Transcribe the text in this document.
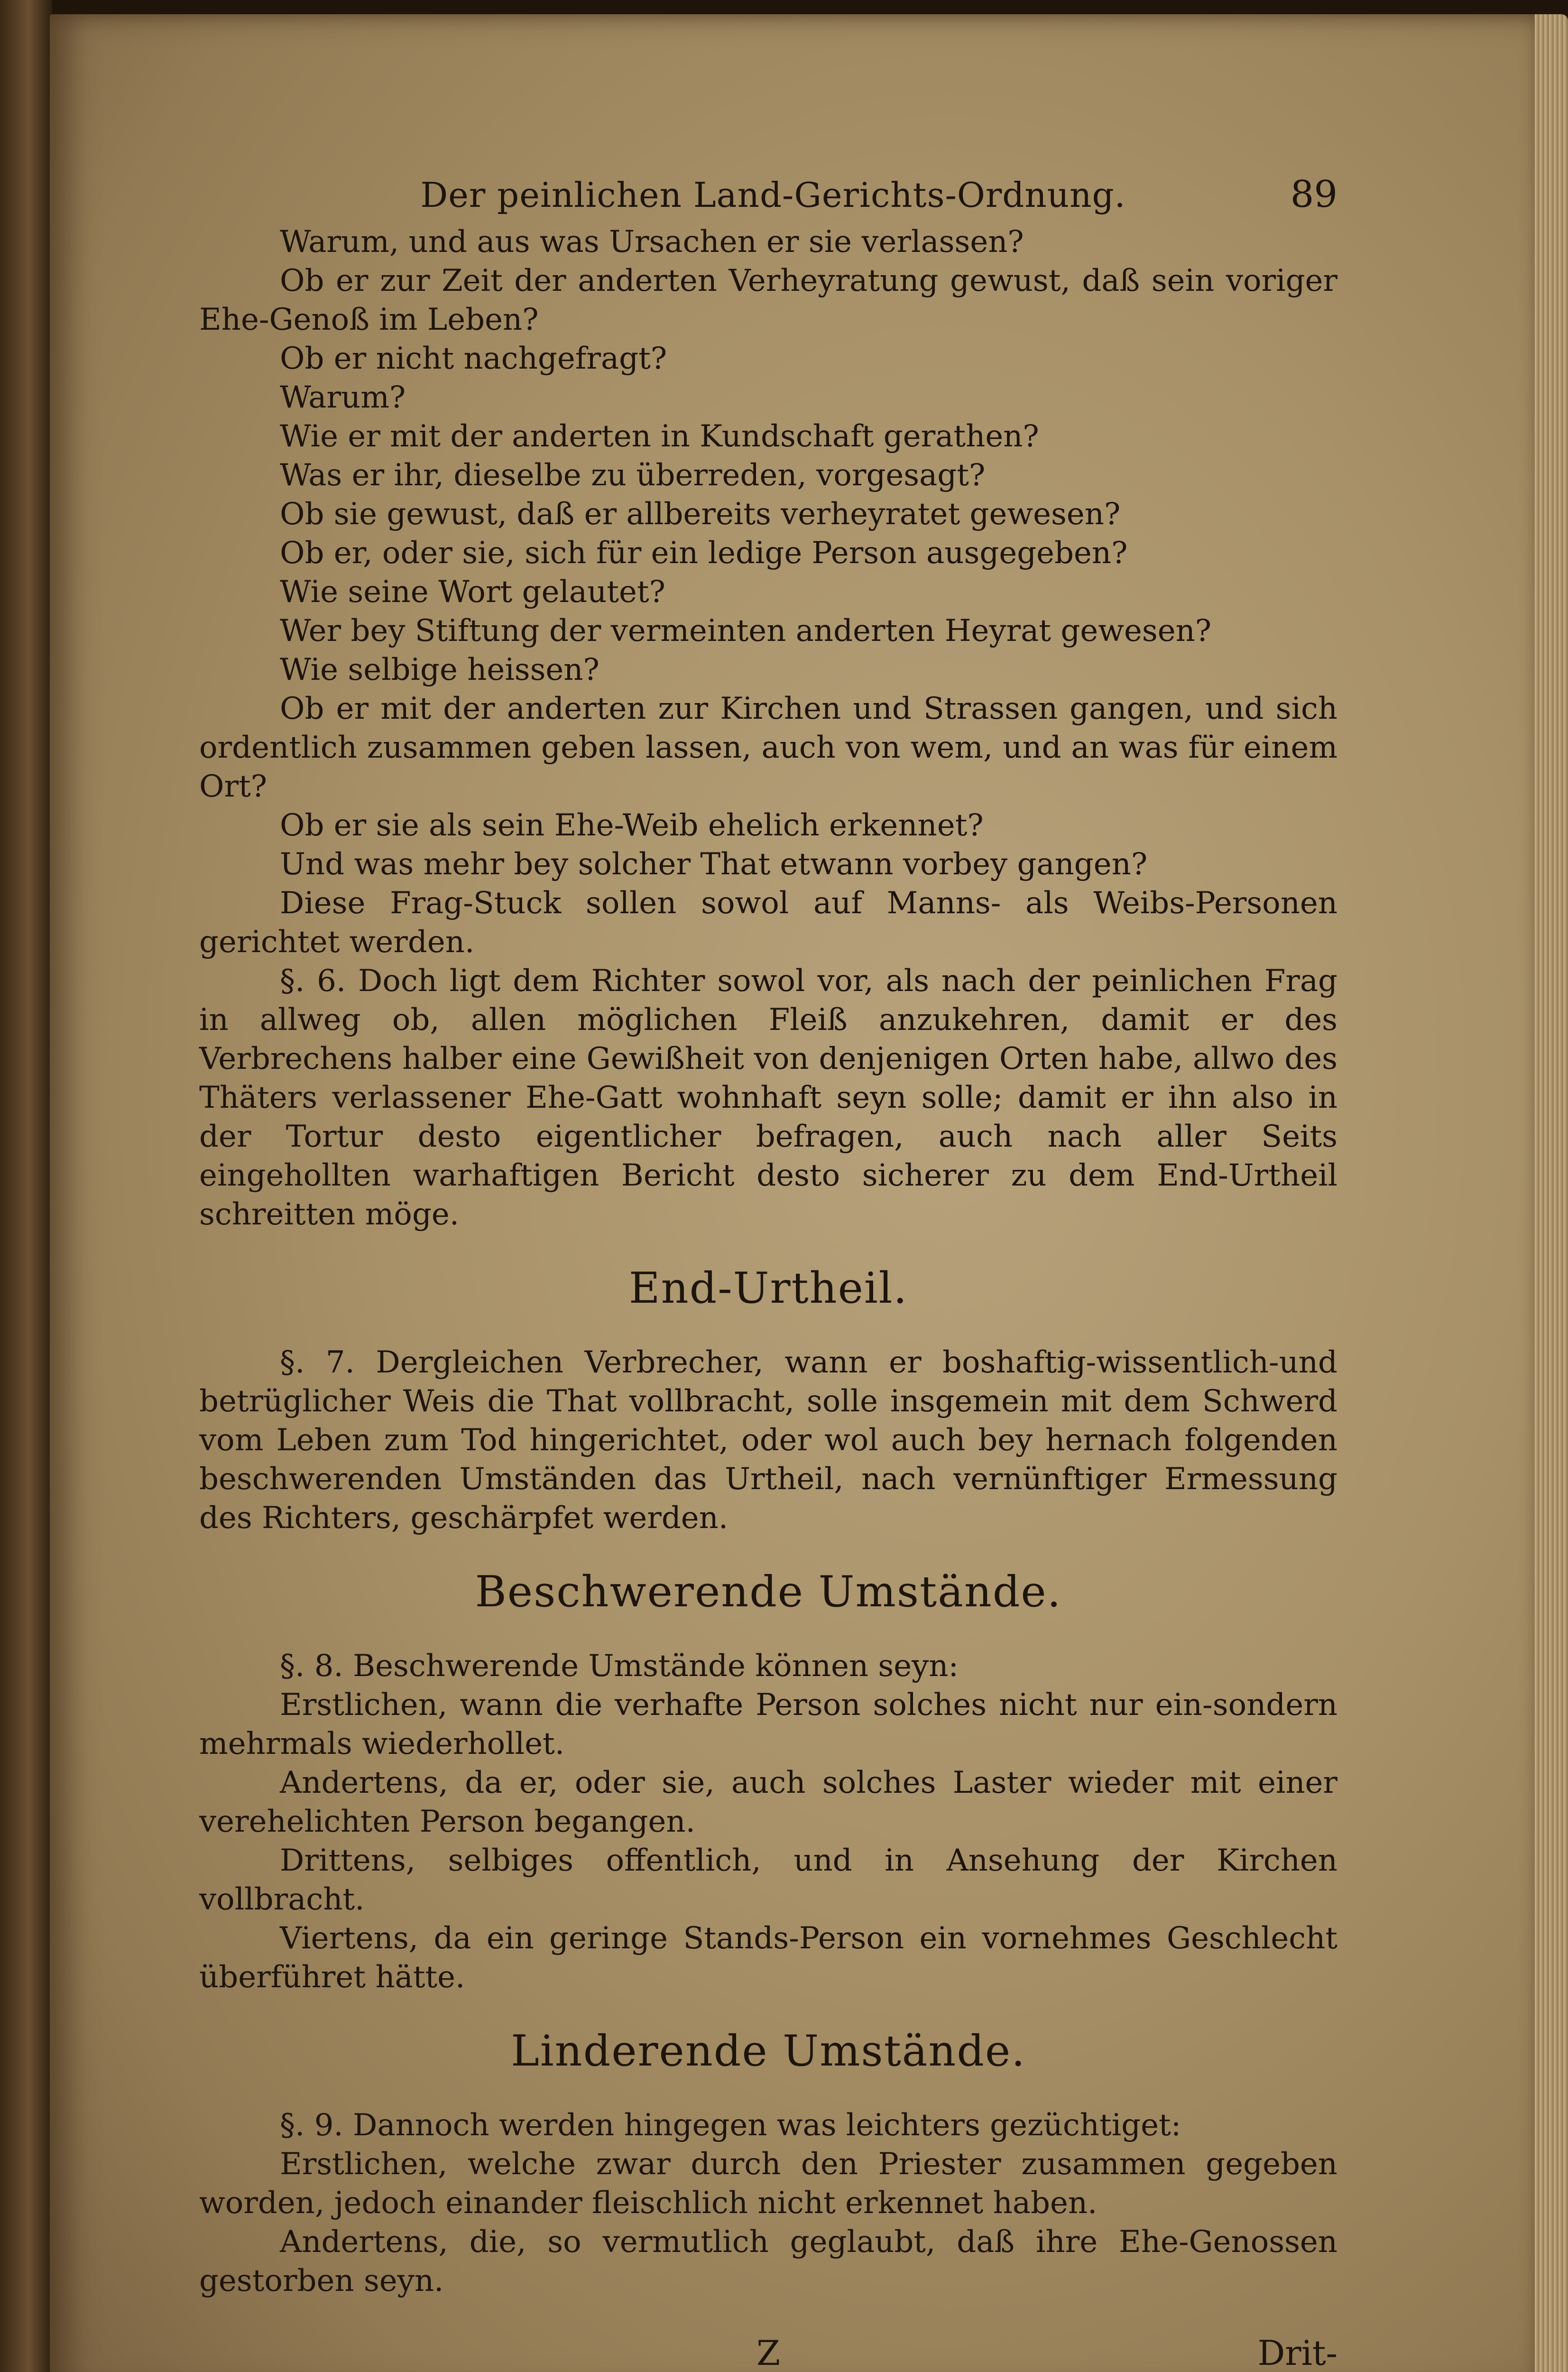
Der peinlichen Land-Gerichts-Ordnung.	89

Warum, und aus was Ursachen er sie verlassen?

Ob er zur Zeit der anderten Verheyratung gewust, daß sein voriger Ehe-Genoß im Leben?

Ob er nicht nachgefragt?

Warum?

Wie er mit der anderten in Kundschaft gerathen?

Was er ihr, dieselbe zu überreden, vorgesagt?

Ob sie gewust, daß er allbereits verheyratet gewesen?

Ob er, oder sie, sich für ein ledige Person ausgegeben?

Wie seine Wort gelautet?

Wer bey Stiftung der vermeinten anderten Heyrat gewesen?

Wie selbige heissen?

Ob er mit der anderten zur Kirchen und Strassen gangen, und sich ordentlich zusammen geben lassen, auch von wem, und an was für einem Ort?

Ob er sie als sein Ehe-Weib ehelich erkennet?

Und was mehr bey solcher That etwann vorbey gangen?

Diese Frag-Stuck sollen sowol auf Manns- als Weibs-Personen gerichtet werden.

§. 6. Doch ligt dem Richter sowol vor, als nach der peinlichen Frag in allweg ob, allen möglichen Fleiß anzukehren, damit er des Verbrechens halber eine Gewißheit von denjenigen Orten habe, allwo des Thäters verlassener Ehe-Gatt wohnhaft seyn solle; damit er ihn also in der Tortur desto eigentlicher befragen, auch nach aller Seits eingehollten warhaftigen Bericht desto sicherer zu dem End-Urtheil schreitten möge.

End-Urtheil.

§. 7. Dergleichen Verbrecher, wann er boshaftig-wissentlich-und betrüglicher Weis die That vollbracht, solle insgemein mit dem Schwerd vom Leben zum Tod hingerichtet, oder wol auch bey hernach folgenden beschwerenden Umständen das Urtheil, nach vernünftiger Ermessung des Richters, geschärpfet werden.

Beschwerende Umstände.

§. 8. Beschwerende Umstände können seyn:

Erstlichen, wann die verhafte Person solches nicht nur ein-sondern mehrmals wiederhollet.

Andertens, da er, oder sie, auch solches Laster wieder mit einer verehelichten Person begangen.

Drittens, selbiges offentlich, und in Ansehung der Kirchen vollbracht.

Viertens, da ein geringe Stands-Person ein vornehmes Geschlecht überführet hätte.

Linderende Umstände.

§. 9. Dannoch werden hingegen was leichters gezüchtiget:

Erstlichen, welche zwar durch den Priester zusammen gegeben worden, jedoch einander fleischlich nicht erkennet haben.

Andertens, die, so vermutlich geglaubt, daß ihre Ehe-Genossen gestorben seyn.

Z	Drit-
